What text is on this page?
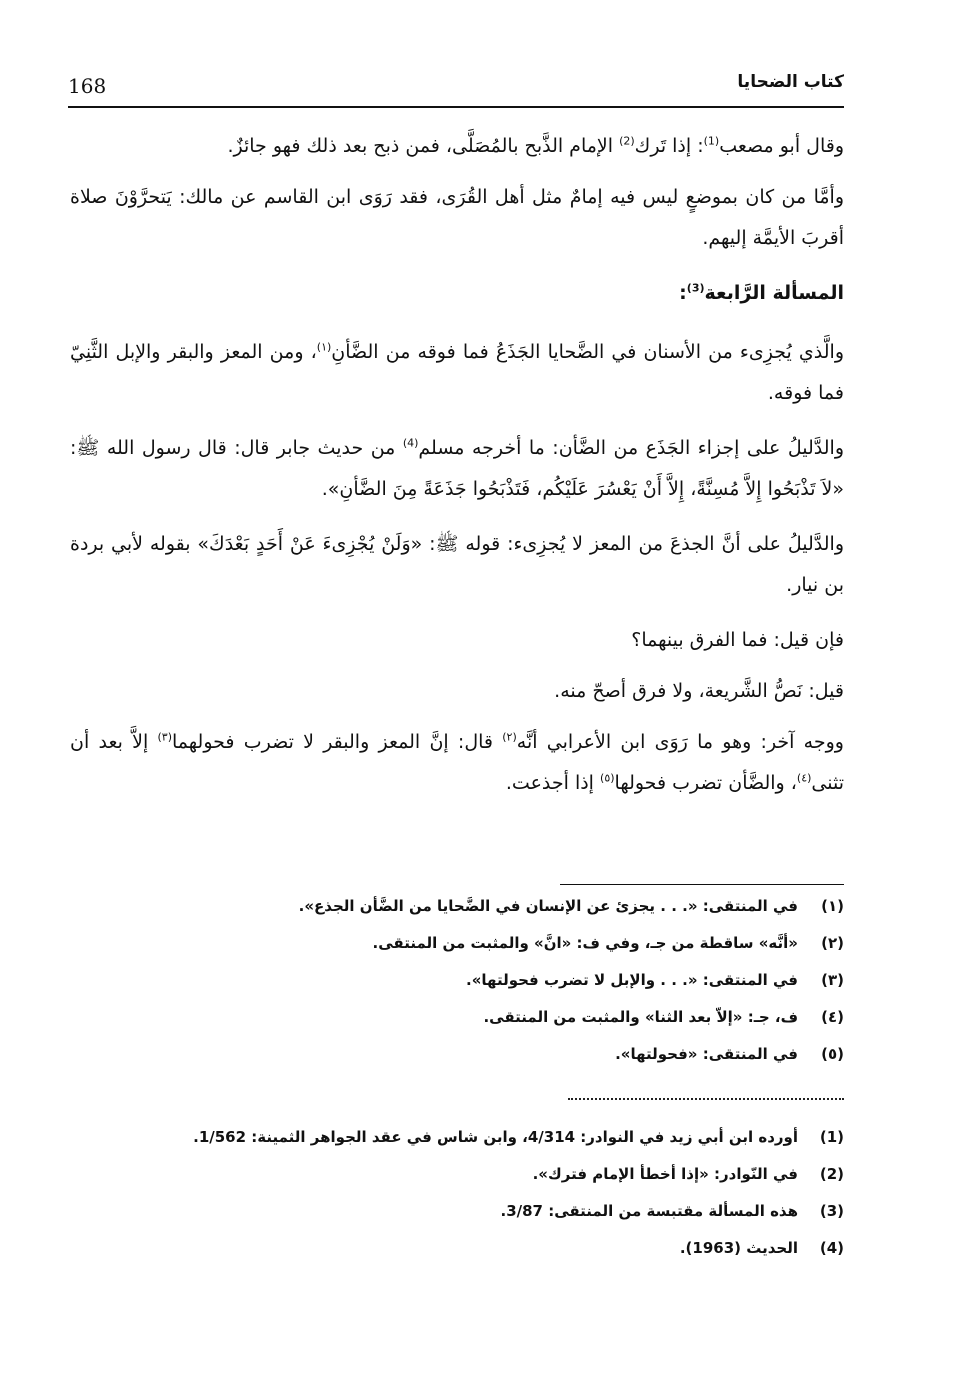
168	كتاب الضحايا

وقال أبو مصعب$^{(1)}$: إذا تَرك$^{(2)}$ الإمام الذَّبح بالمُصَلَّى، فمن ذبح بعد ذلك فهو جائزٌ.

وأمَّا من كان بموضعٍ ليس فيه إمامٌ مثل أهل القُرَى، فقد رَوَى ابن القاسم عن مالك: يَتحرَّوْنَ صلاة أقربَ الأيمَّة إليهم.

المسألة الرَّابعة$^{(3)}$:

والَّذي يُجزِىء من الأسنان في الضَّحايا الجَذَعُ فما فوقه من الضَّأنِ$^{(١)}$، ومن المعز والبقر والإبل الثَّنِيّ فما فوقه.

والدَّليلُ على إجزاء الجَذَع من الضَّأن: ما أخرجه مسلم$^{(4)}$ من حديث جابر قال: قال رسول الله ﷺ: «لاَ تَذْبَحُوا إِلاَّ مُسِنَّةً، إِلاَّ أَنْ يَعْسُرَ عَلَيْكُم، فَتَذْبَحُوا جَذَعَةً مِنَ الضَّأنِ».

والدَّليلُ على أنَّ الجذعَ من المعز لا يُجزِىء: قوله ﷺ: «وَلَنْ يُجْزِىءَ عَنْ أَحَدٍ بَعْدَكَ» بقوله لأبي بردة بن نيار.

فإن قيل: فما الفرق بينهما؟

قيل: نَصُّ الشَّريعة، ولا فرق أصحّ منه.

ووجه آخر: وهو ما رَوَى ابن الأعرابي أنَّه$^{(٢)}$ قال: إنَّ المعز والبقر لا تضرب فحولهما$^{(٣)}$ إلاَّ بعد أن تثنى$^{(٤)}$، والضَّأن تضرب فحولها$^{(٥)}$ إذا أجذعت.

(١)
في المنتقى: «. . . يجزئ عن الإنسان في الضَّحايا من الضَّأن الجذع».
(٢)
«أنَّه» ساقطة من جـ، وفي ف: «انَّ» والمثبت من المنتقى.
(٣)
في المنتقى: «. . . والإبل لا تضرب فحولتها».
(٤)
ف، جـ: «إلاّ بعد الثنا» والمثبت من المنتقى.
(٥)
في المنتقى: «فحولتها».
(1)
أورده ابن أبي زيد في النوادر: 4/314، وابن شاس في عقد الجواهر الثمينة: 1/562.
(2)
في النّوادر: «إذا أخطأ الإمام فترك».
(3)
هذه المسألة مقتبسة من المنتقى: 3/87.
(4)
الحديث (1963).
